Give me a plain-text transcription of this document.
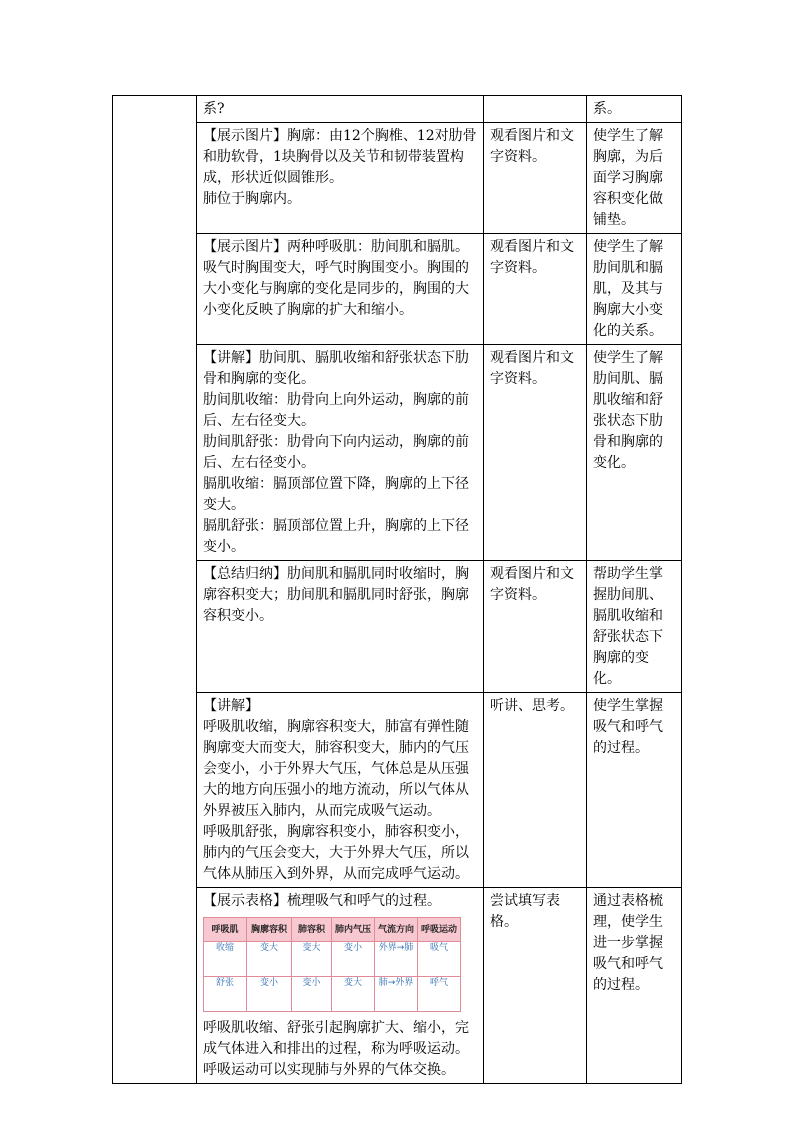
系?		系。

【展示图片】胸廓：由12个胸椎、12对肋骨和肋软骨，1块胸骨以及关节和韧带装置构成，形状近似圆锥形。
肺位于胸廓内。
	观看图片和文字资料。	使学生了解胸廓，为后面学习胸廓容积变化做铺垫。

【展示图片】两种呼吸肌：肋间肌和膈肌。
吸气时胸围变大，呼气时胸围变小。胸围的大小变化与胸廓的变化是同步的，胸围的大小变化反映了胸廓的扩大和缩小。
	观看图片和文字资料。	使学生了解肋间肌和膈肌，及其与胸廓大小变化的关系。

【讲解】肋间肌、膈肌收缩和舒张状态下肋骨和胸廓的变化。
肋间肌收缩：肋骨向上向外运动，胸廓的前后、左右径变大。
肋间肌舒张：肋骨向下向内运动，胸廓的前后、左右径变小。
膈肌收缩：膈顶部位置下降，胸廓的上下径变大。
膈肌舒张：膈顶部位置上升，胸廓的上下径变小。
	观看图片和文字资料。	使学生了解肋间肌、膈肌收缩和舒张状态下肋骨和胸廓的变化。

【总结归纳】肋间肌和膈肌同时收缩时，胸廓容积变大；肋间肌和膈肌同时舒张，胸廓容积变小。
	观看图片和文字资料。	帮助学生掌握肋间肌、膈肌收缩和舒张状态下胸廓的变化。

【讲解】
呼吸肌收缩，胸廓容积变大，肺富有弹性随胸廓变大而变大，肺容积变大，肺内的气压会变小，小于外界大气压，气体总是从压强大的地方向压强小的地方流动，所以气体从外界被压入肺内，从而完成吸气运动。
呼吸肌舒张，胸廓容积变小，肺容积变小，肺内的气压会变大，大于外界大气压，所以气体从肺压入到外界，从而完成呼气运动。
	听讲、思考。	使学生掌握吸气和呼气的过程。

【展示表格】梳理吸气和呼气的过程。
呼吸肌	胸廓容积	肺容积	肺内气压	气流方向	呼吸运动
收缩	变大	变大	变小	外界→肺	吸气
舒张	变小	变小	变大	肺→外界	呼气
呼吸肌收缩、舒张引起胸廓扩大、缩小，完成气体进入和排出的过程，称为呼吸运动。呼吸运动可以实现肺与外界的气体交换。
	尝试填写表格。	通过表格梳理，使学生进一步掌握吸气和呼气的过程。
